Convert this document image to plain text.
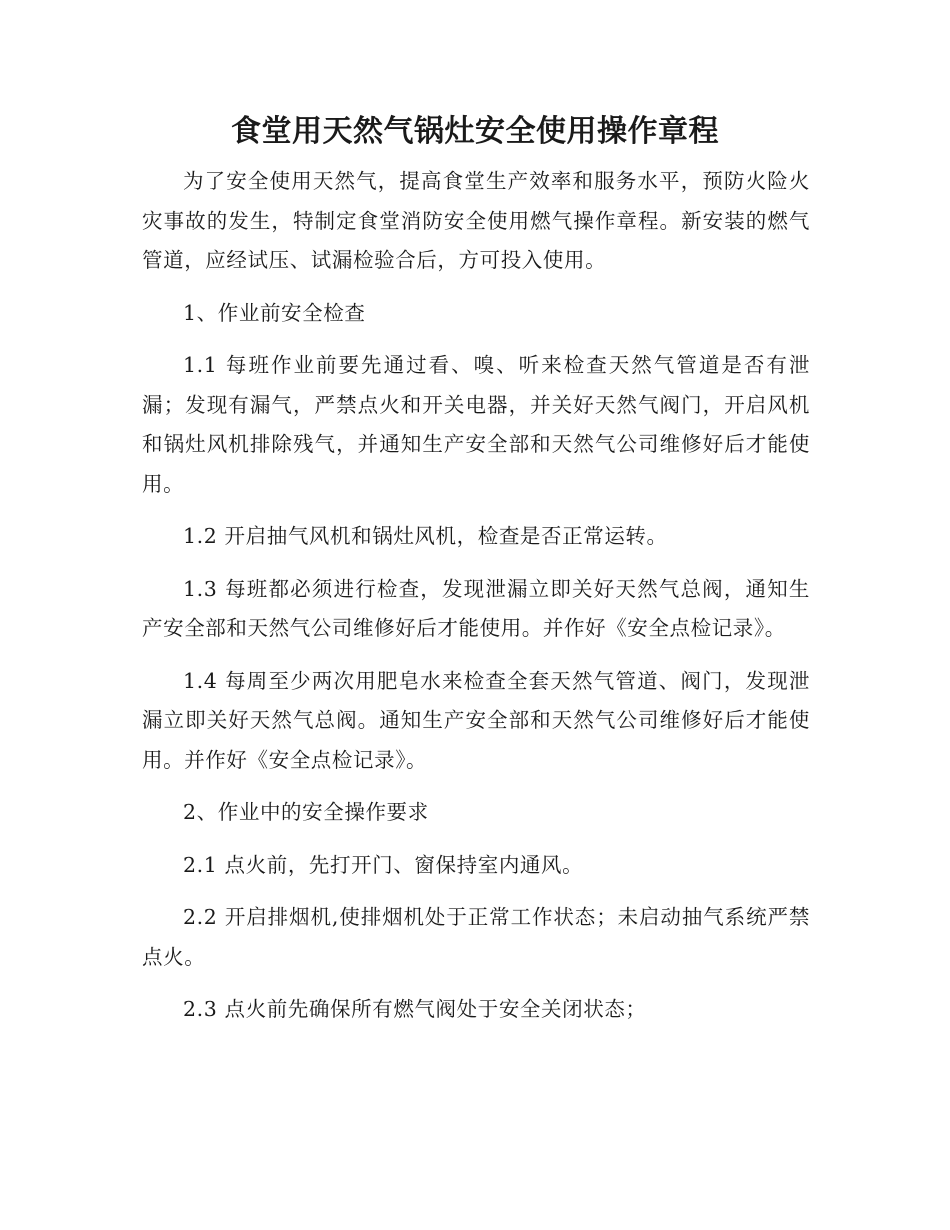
食堂用天然气锅灶安全使用操作章程

为了安全使用天然气，提高食堂生产效率和服务水平，预防火险火灾事故的发生，特制定食堂消防安全使用燃气操作章程。新安装的燃气管道，应经试压、试漏检验合后，方可投入使用。

1、作业前安全检查

1.1 每班作业前要先通过看、嗅、听来检查天然气管道是否有泄漏；发现有漏气，严禁点火和开关电器，并关好天然气阀门，开启风机和锅灶风机排除残气，并通知生产安全部和天然气公司维修好后才能使用。

1.2 开启抽气风机和锅灶风机，检查是否正常运转。

1.3 每班都必须进行检查，发现泄漏立即关好天然气总阀，通知生产安全部和天然气公司维修好后才能使用。并作好《安全点检记录》。

1.4 每周至少两次用肥皂水来检查全套天然气管道、阀门，发现泄漏立即关好天然气总阀。通知生产安全部和天然气公司维修好后才能使用。并作好《安全点检记录》。

2、作业中的安全操作要求

2.1 点火前，先打开门、窗保持室内通风。

2.2 开启排烟机,使排烟机处于正常工作状态；未启动抽气系统严禁点火。

2.3 点火前先确保所有燃气阀处于安全关闭状态；
